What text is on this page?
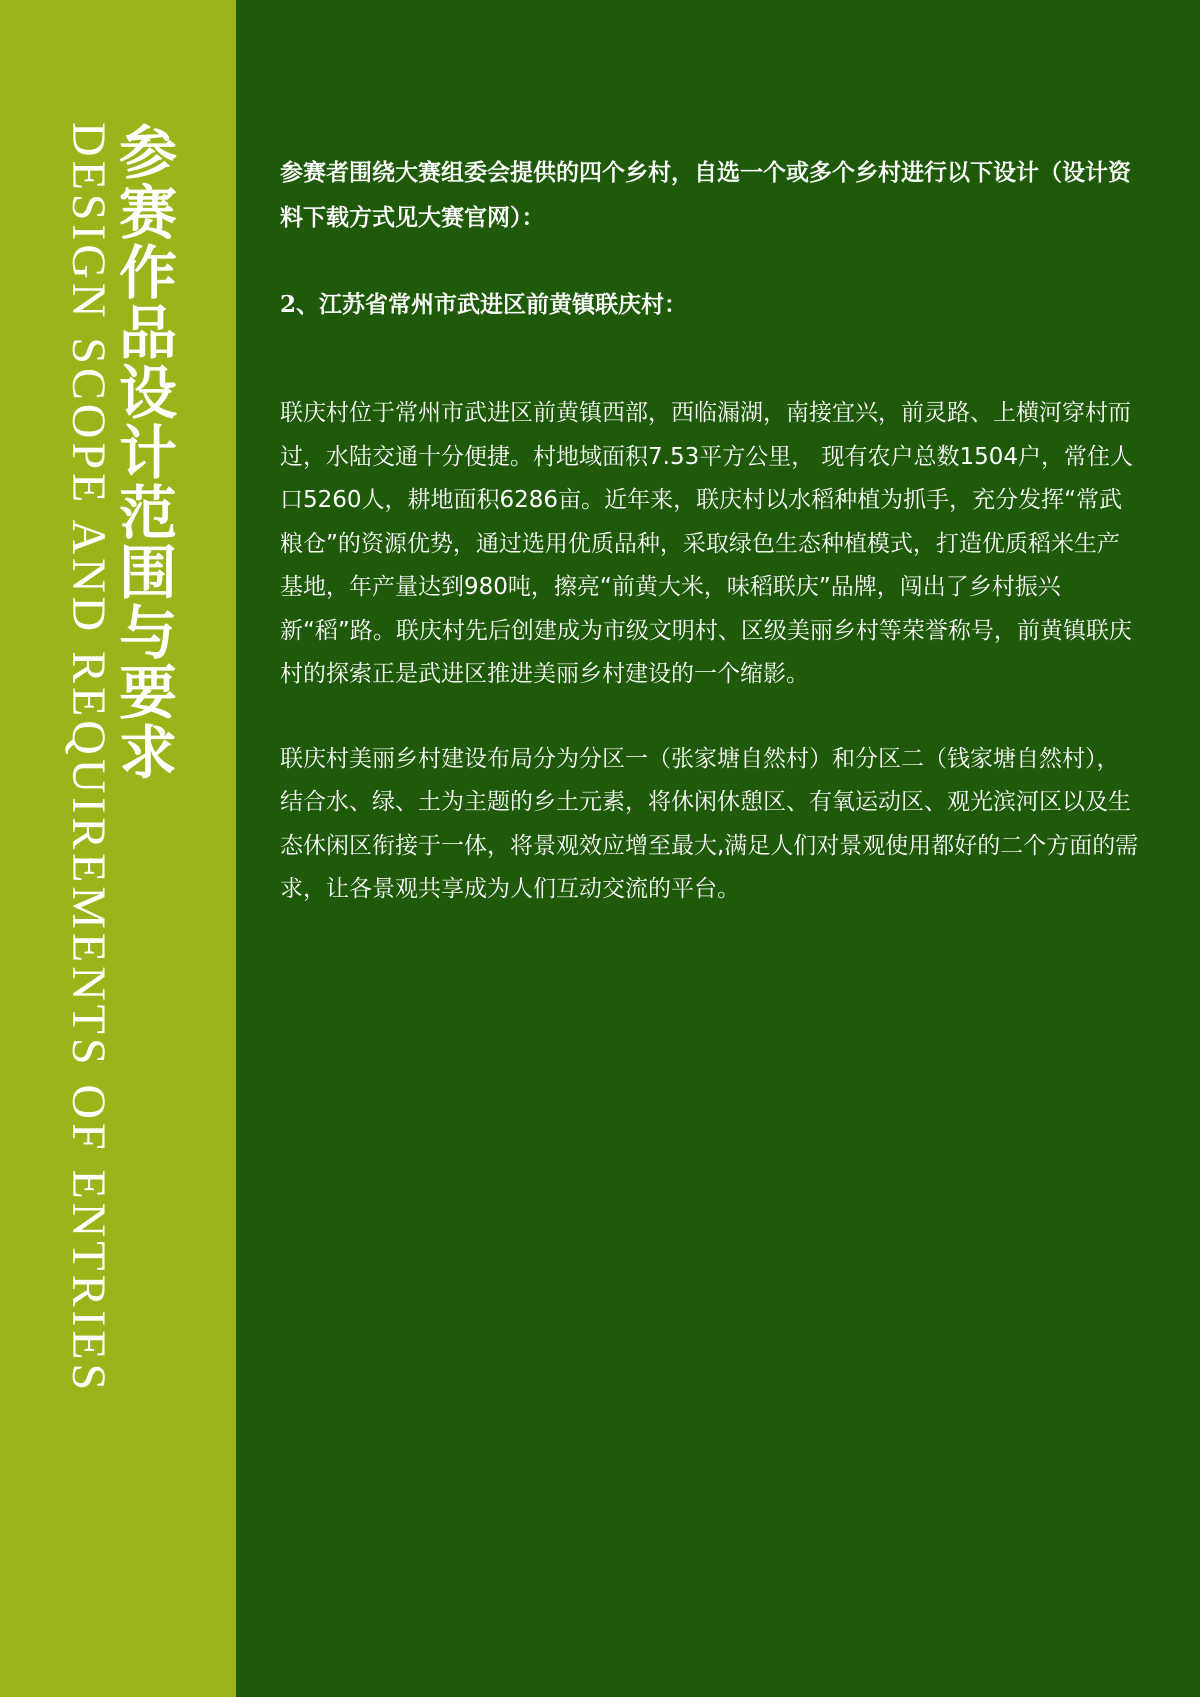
参赛作品设计范围与要求
DESIGN SCOPE AND REQUIREMENTS OF ENTRIES	参赛者围绕大赛组委会提供的四个乡村，自选一个或多个乡村进行以下设计（设计资料下载方式见大赛官网）：

2、江苏省常州市武进区前黄镇联庆村：

联庆村位于常州市武进区前黄镇西部，西临漏湖，南接宜兴，前灵路、上横河穿村而过，水陆交通十分便捷。村地域面积7.53平方公里， 现有农户总数1504户，常住人口5260人，耕地面积6286亩。近年来，联庆村以水稻种植为抓手，充分发挥“常武粮仓”的资源优势，通过选用优质品种，采取绿色生态种植模式，打造优质稻米生产基地，年产量达到980吨，擦亮“前黄大米，味稻联庆”品牌，闯出了乡村振兴新“稻”路。联庆村先后创建成为市级文明村、区级美丽乡村等荣誉称号，前黄镇联庆村的探索正是武进区推进美丽乡村建设的一个缩影。

联庆村美丽乡村建设布局分为分区一（张家塘自然村）和分区二（钱家塘自然村），结合水、绿、土为主题的乡土元素，将休闲休憩区、有氧运动区、观光滨河区以及生态休闲区衔接于一体，将景观效应增至最大,满足人们对景观使用都好的二个方面的需求，让各景观共享成为人们互动交流的平台。
